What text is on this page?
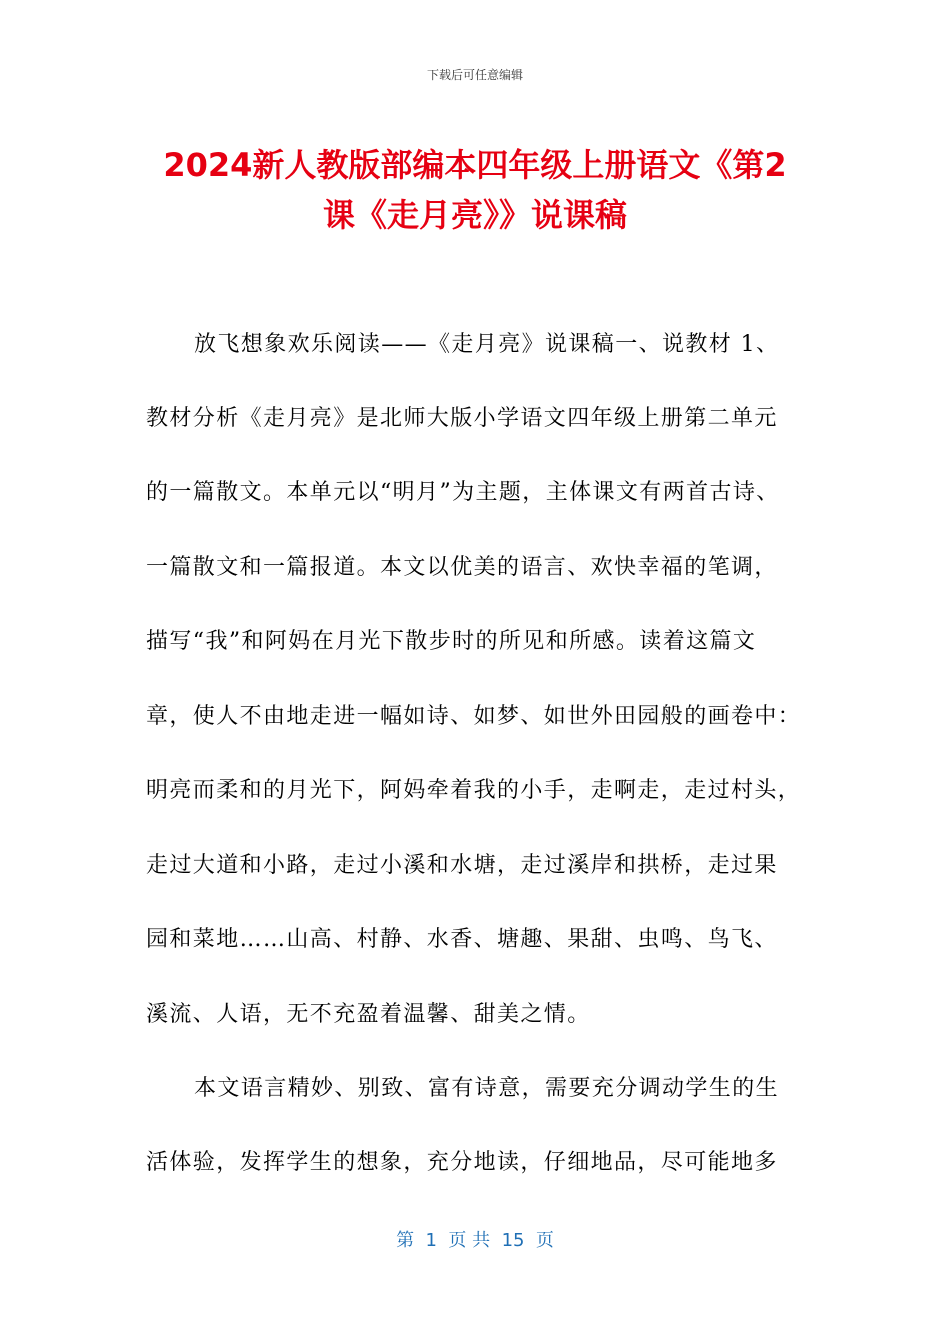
下载后可任意编辑
2024新人教版部编本四年级上册语文《第2
课《走月亮》》说课稿
放飞想象欢乐阅读——《走月亮》说课稿一、说教材 1、
教材分析《走月亮》是北师大版小学语文四年级上册第二单元
的一篇散文。本单元以“明月”为主题，主体课文有两首古诗、
一篇散文和一篇报道。本文以优美的语言、欢快幸福的笔调，
描写“我”和阿妈在月光下散步时的所见和所感。读着这篇文
章，使人不由地走进一幅如诗、如梦、如世外田园般的画卷中：
明亮而柔和的月光下，阿妈牵着我的小手，走啊走，走过村头，
走过大道和小路，走过小溪和水塘，走过溪岸和拱桥，走过果
园和菜地……山高、村静、水香、塘趣、果甜、虫鸣、鸟飞、
溪流、人语，无不充盈着温馨、甜美之情。
本文语言精妙、别致、富有诗意，需要充分调动学生的生
活体验，发挥学生的想象，充分地读，仔细地品，尽可能地多
第  1  页 共  15  页
